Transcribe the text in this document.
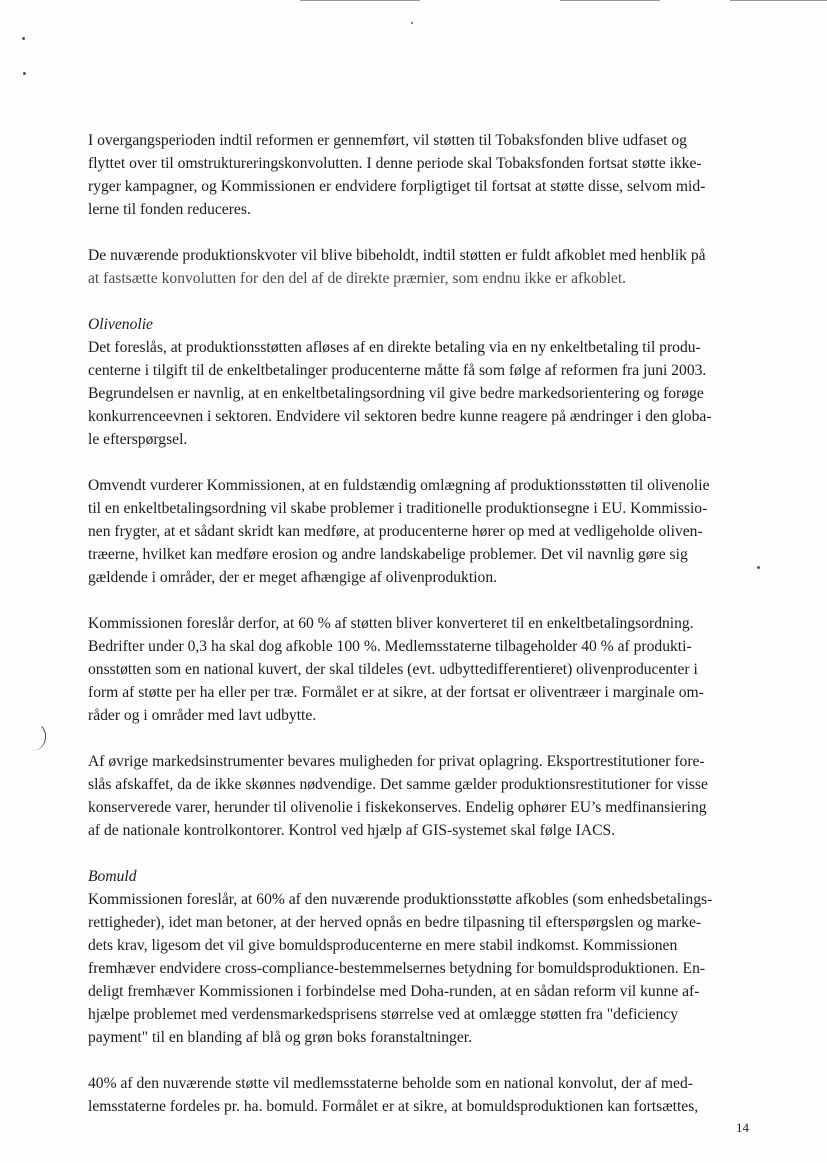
I overgangsperioden indtil reformen er gennemført, vil støtten til Tobaksfonden blive udfaset og
flyttet over til omstruktureringskonvolutten. I denne periode skal Tobaksfonden fortsat støtte ikke-
ryger kampagner, og Kommissionen er endvidere forpligtiget til fortsat at støtte disse, selvom mid-
lerne til fonden reduceres.
De nuværende produktionskvoter vil blive bibeholdt, indtil støtten er fuldt afkoblet med henblik på
at fastsætte konvolutten for den del af de direkte præmier, som endnu ikke er afkoblet.
Olivenolie
Det foreslås, at produktionsstøtten afløses af en direkte betaling via en ny enkeltbetaling til produ-
centerne i tilgift til de enkeltbetalinger producenterne måtte få som følge af reformen fra juni 2003.
Begrundelsen er navnlig, at en enkeltbetalingsordning vil give bedre markedsorientering og forøge
konkurrenceevnen i sektoren. Endvidere vil sektoren bedre kunne reagere på ændringer i den globa-
le efterspørgsel.
Omvendt vurderer Kommissionen, at en fuldstændig omlægning af produktionsstøtten til olivenolie
til en enkeltbetalingsordning vil skabe problemer i traditionelle produktionsegne i EU. Kommissio-
nen frygter, at et sådant skridt kan medføre, at producenterne hører op med at vedligeholde oliven-
træerne, hvilket kan medføre erosion og andre landskabelige problemer. Det vil navnlig gøre sig
gældende i områder, der er meget afhængige af olivenproduktion.
Kommissionen foreslår derfor, at 60 % af støtten bliver konverteret til en enkeltbetalingsordning.
Bedrifter under 0,3 ha skal dog afkoble 100 %. Medlemsstaterne tilbageholder 40 % af produkti-
onsstøtten som en national kuvert, der skal tildeles (evt. udbyttedifferentieret) olivenproducenter i
form af støtte per ha eller per træ. Formålet er at sikre, at der fortsat er oliventræer i marginale om-
råder og i områder med lavt udbytte.
Af øvrige markedsinstrumenter bevares muligheden for privat oplagring. Eksportrestitutioner fore-
slås afskaffet, da de ikke skønnes nødvendige. Det samme gælder produktionsrestitutioner for visse
konserverede varer, herunder til olivenolie i fiskekonserves. Endelig ophører EU’s medfinansiering
af de nationale kontrolkontorer. Kontrol ved hjælp af GIS-systemet skal følge IACS.
Bomuld
Kommissionen foreslår, at 60% af den nuværende produktionsstøtte afkobles (som enhedsbetalings-
rettigheder), idet man betoner, at der herved opnås en bedre tilpasning til efterspørgslen og marke-
dets krav, ligesom det vil give bomuldsproducenterne en mere stabil indkomst. Kommissionen
fremhæver endvidere cross-compliance-bestemmelsernes betydning for bomuldsproduktionen. En-
deligt fremhæver Kommissionen i forbindelse med Doha-runden, at en sådan reform vil kunne af-
hjælpe problemet med verdensmarkedsprisens størrelse ved at omlægge støtten fra "deficiency
payment" til en blanding af blå og grøn boks foranstaltninger.
40% af den nuværende støtte vil medlemsstaterne beholde som en national konvolut, der af med-
lemsstaterne fordeles pr. ha. bomuld. Formålet er at sikre, at bomuldsproduktionen kan fortsættes,
14
